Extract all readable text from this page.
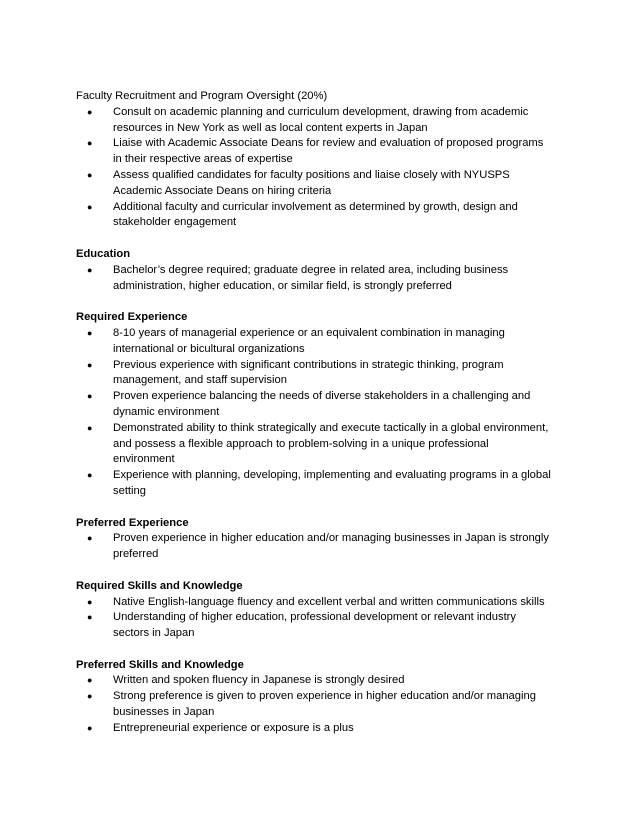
Faculty Recruitment and Program Oversight (20%)

● Consult on academic planning and curriculum development, drawing from academic
resources in New York as well as local content experts in Japan
● Liaise with Academic Associate Deans for review and evaluation of proposed programs
in their respective areas of expertise
● Assess qualified candidates for faculty positions and liaise closely with NYUSPS
Academic Associate Deans on hiring criteria
● Additional faculty and curricular involvement as determined by growth, design and
stakeholder engagement

Education

● Bachelor’s degree required; graduate degree in related area, including business
administration, higher education, or similar field, is strongly preferred

Required Experience

● 8-10 years of managerial experience or an equivalent combination in managing
international or bicultural organizations
● Previous experience with significant contributions in strategic thinking, program
management, and staff supervision
● Proven experience balancing the needs of diverse stakeholders in a challenging and
dynamic environment
● Demonstrated ability to think strategically and execute tactically in a global environment,
and possess a flexible approach to problem-solving in a unique professional
environment
● Experience with planning, developing, implementing and evaluating programs in a global
setting

Preferred Experience

● Proven experience in higher education and/or managing businesses in Japan is strongly
preferred

Required Skills and Knowledge

● Native English-language fluency and excellent verbal and written communications skills
● Understanding of higher education, professional development or relevant industry
sectors in Japan

Preferred Skills and Knowledge

● Written and spoken fluency in Japanese is strongly desired
● Strong preference is given to proven experience in higher education and/or managing
businesses in Japan
● Entrepreneurial experience or exposure is a plus
